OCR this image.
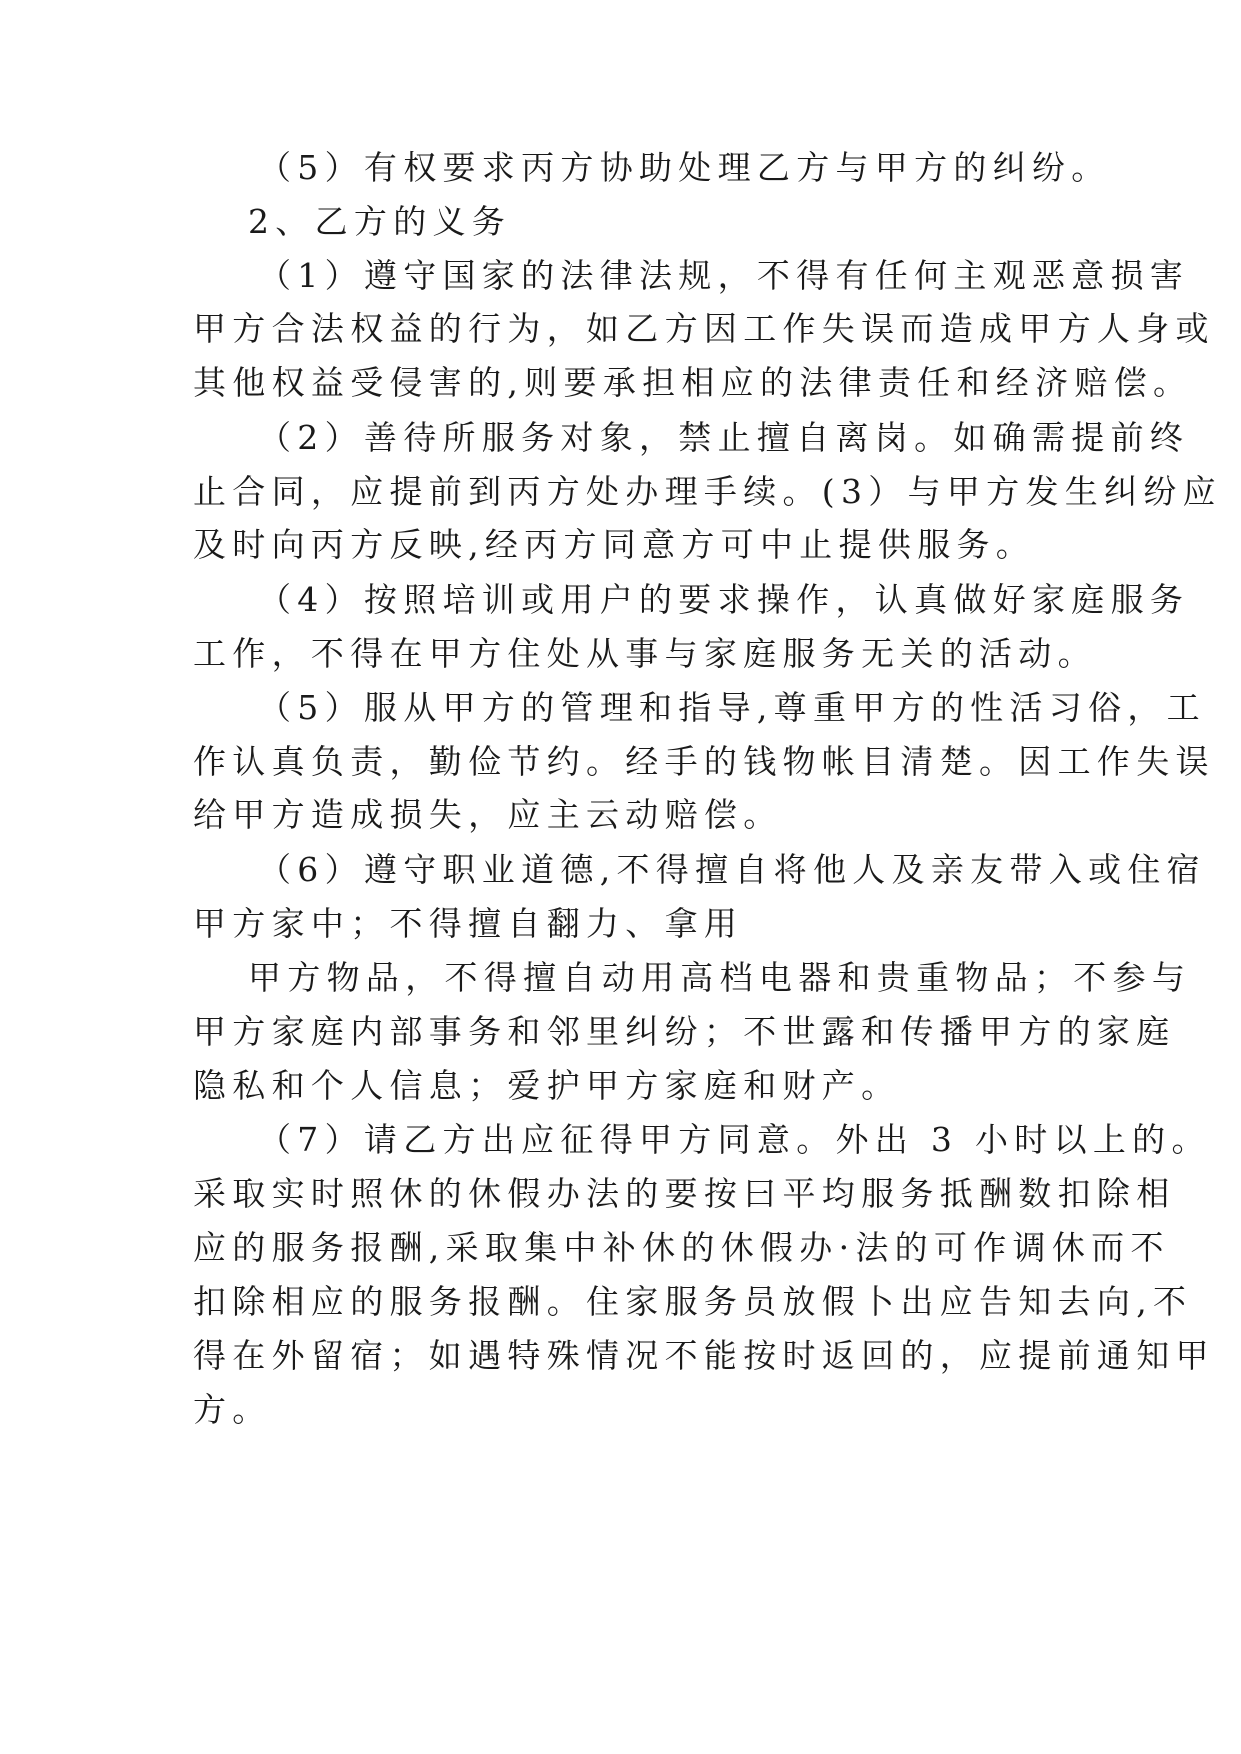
（5）有权要求丙方协助处理乙方与甲方的纠纷。

2、乙方的义务

（1）遵守国家的法律法规，不得有任何主观恶意损害

甲方合法权益的行为，如乙方因工作失误而造成甲方人身或

其他权益受侵害的,则要承担相应的法律责任和经济赔偿。

（2）善待所服务对象，禁止擅自离岗。如确需提前终

止合同，应提前到丙方处办理手续。(3）与甲方发生纠纷应

及时向丙方反映,经丙方同意方可中止提供服务。

（4）按照培训或用户的要求操作，认真做好家庭服务

工作，不得在甲方住处从事与家庭服务无关的活动。

（5）服从甲方的管理和指导,尊重甲方的性活习俗，工

作认真负责，勤俭节约。经手的钱物帐目清楚。因工作失误

给甲方造成损失，应主云动赔偿。

（6）遵守职业道德,不得擅自将他人及亲友带入或住宿

甲方家中；不得擅自翻力、拿用

甲方物品，不得擅自动用高档电器和贵重物品；不参与

甲方家庭内部事务和邻里纠纷；不世露和传播甲方的家庭

隐私和个人信息；爱护甲方家庭和财产。

（7）请乙方出应征得甲方同意。外出 3 小时以上的。

采取实时照休的休假办法的要按曰平均服务抵酬数扣除相

应的服务报酬,采取集中补休的休假办·法的可作调休而不

扣除相应的服务报酬。住家服务员放假卜出应告知去向,不

得在外留宿；如遇特殊情况不能按时返回的，应提前通知甲

方。
